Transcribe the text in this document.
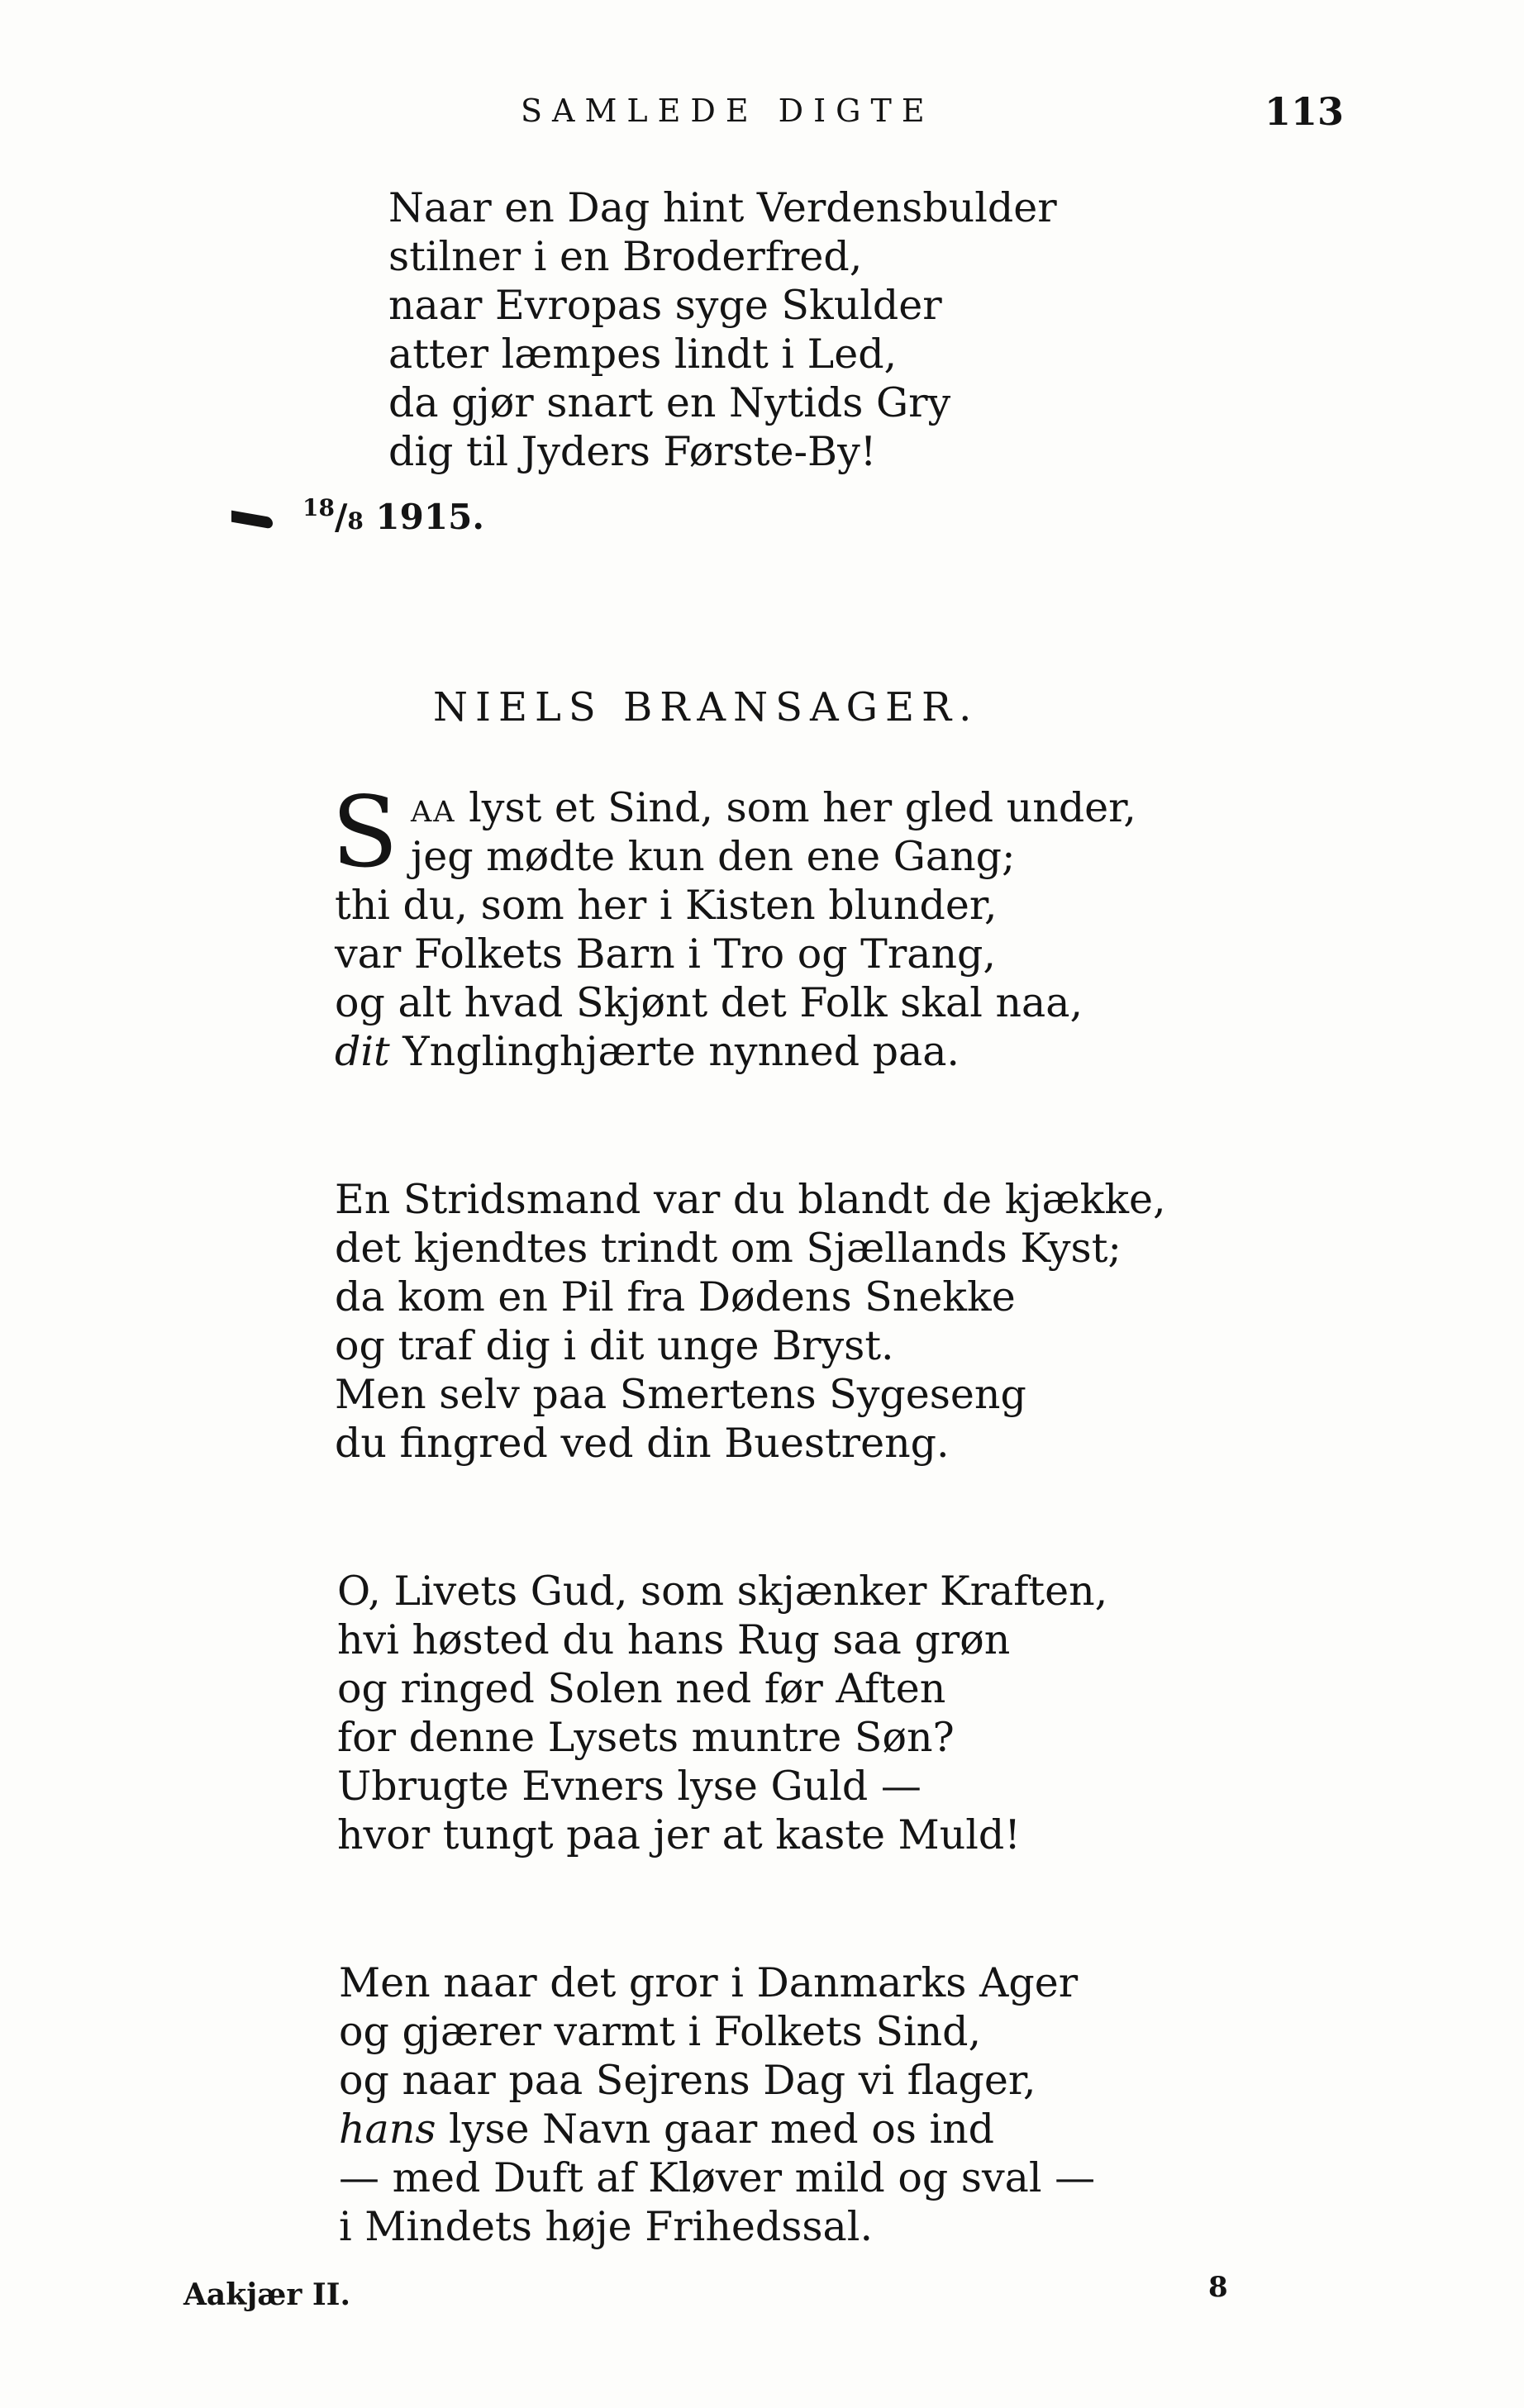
SAMLEDE DIGTE	113
Naar en Dag hint Verdensbulder
stilner i en Broderfred,
naar Evropas syge Skulder
atter læmpes lindt i Led,
da gjør snart en Nytids Gry
dig til Jyders Første-By!
$^{18}$/8 1915.
NIELS BRANSAGER.
S AA lyst et Sind, som her gled under,
jeg mødte kun den ene Gang;
thi du, som her i Kisten blunder,
var Folkets Barn i Tro og Trang,
og alt hvad Skjønt det Folk skal naa,
dit Ynglinghjærte nynned paa.
En Stridsmand var du blandt de kjække,
det kjendtes trindt om Sjællands Kyst;
da kom en Pil fra Dødens Snekke
og traf dig i dit unge Bryst.
Men selv paa Smertens Sygeseng
du fingred ved din Buestreng.
O, Livets Gud, som skjænker Kraften,
hvi høsted du hans Rug saa grøn
og ringed Solen ned før Aften
for denne Lysets muntre Søn?
Ubrugte Evners lyse Guld —
hvor tungt paa jer at kaste Muld!
Men naar det gror i Danmarks Ager
og gjærer varmt i Folkets Sind,
og naar paa Sejrens Dag vi flager,
hans lyse Navn gaar med os ind
— med Duft af Kløver mild og sval —
i Mindets høje Frihedssal.
Aakjær II.	8
